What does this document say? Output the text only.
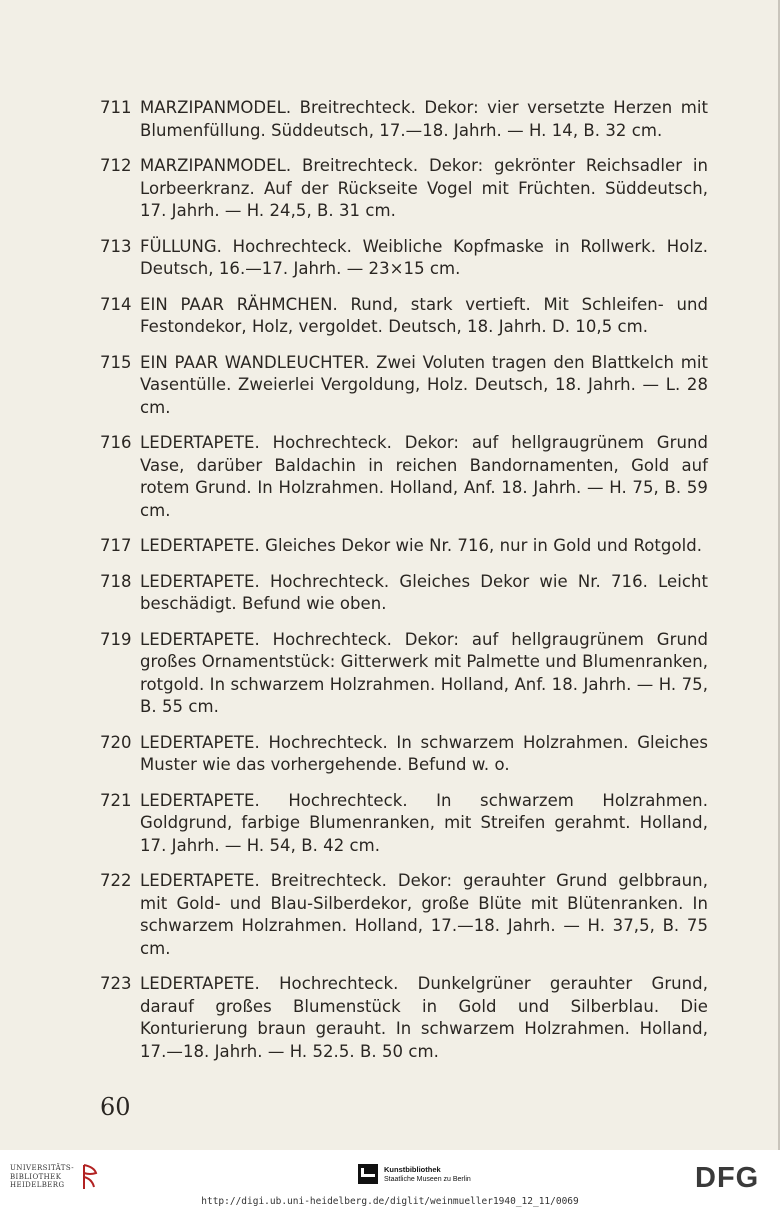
711 MARZIPANMODEL. Breitrechteck. Dekor: vier versetzte Herzen mit Blumenfüllung. Süddeutsch, 17.—18. Jahrh. — H. 14, B. 32 cm.
712 MARZIPANMODEL. Breitrechteck. Dekor: gekrönter Reichsadler in Lorbeerkranz. Auf der Rückseite Vogel mit Früchten. Süddeutsch, 17. Jahrh. — H. 24,5, B. 31 cm.
713 FÜLLUNG. Hochrechteck. Weibliche Kopfmaske in Rollwerk. Holz. Deutsch, 16.—17. Jahrh. — 23×15 cm.
714 EIN PAAR RÄHMCHEN. Rund, stark vertieft. Mit Schleifen- und Festondekor, Holz, vergoldet. Deutsch, 18. Jahrh. D. 10,5 cm.
715 EIN PAAR WANDLEUCHTER. Zwei Voluten tragen den Blattkelch mit Vasentülle. Zweierlei Vergoldung, Holz. Deutsch, 18. Jahrh. — L. 28 cm.
716 LEDERTAPETE. Hochrechteck. Dekor: auf hellgraugrünem Grund Vase, darüber Baldachin in reichen Bandornamenten, Gold auf rotem Grund. In Holzrahmen. Holland, Anf. 18. Jahrh. — H. 75, B. 59 cm.
717 LEDERTAPETE. Gleiches Dekor wie Nr. 716, nur in Gold und Rotgold.
718 LEDERTAPETE. Hochrechteck. Gleiches Dekor wie Nr. 716. Leicht beschädigt. Befund wie oben.
719 LEDERTAPETE. Hochrechteck. Dekor: auf hellgraugrünem Grund großes Ornamentstück: Gitterwerk mit Palmette und Blumenranken, rotgold. In schwarzem Holzrahmen. Holland, Anf. 18. Jahrh. — H. 75, B. 55 cm.
720 LEDERTAPETE. Hochrechteck. In schwarzem Holzrahmen. Gleiches Muster wie das vorhergehende. Befund w. o.
721 LEDERTAPETE. Hochrechteck. In schwarzem Holzrahmen. Goldgrund, farbige Blumenranken, mit Streifen gerahmt. Holland, 17. Jahrh. — H. 54, B. 42 cm.
722 LEDERTAPETE. Breitrechteck. Dekor: gerauhter Grund gelbbraun, mit Gold- und Blau-Silberdekor, große Blüte mit Blütenranken. In schwarzem Holzrahmen. Holland, 17.—18. Jahrh. — H. 37,5, B. 75 cm.
723 LEDERTAPETE. Hochrechteck. Dunkelgrüner gerauhter Grund, darauf großes Blumenstück in Gold und Silberblau. Die Konturierung braun gerauht. In schwarzem Holzrahmen. Holland, 17.—18. Jahrh. — H. 52.5. B. 50 cm.
60
UNIVERSITÄTS-
BIBLIOTHEK
HEIDELBERG
Kunstbibliothek
Staatliche Museen zu Berlin	DFG
http://digi.ub.uni-heidelberg.de/diglit/weinmueller1940_12_11/0069
